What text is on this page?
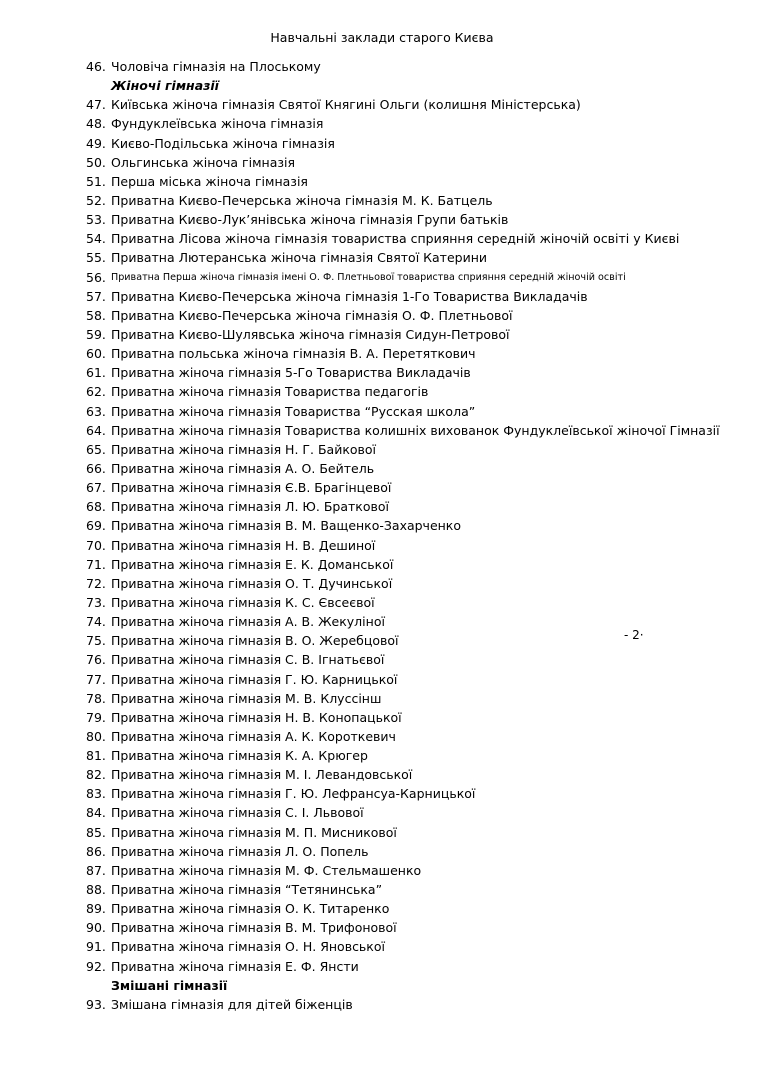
Навчальні заклади старого Києва
46. Чоловіча гімназія на Плоському
Жіночі гімназії
47. Київська жіноча гімназія Святої Княгині Ольги (колишня Міністерська)
48. Фундуклеївська жіноча гімназія
49. Києво-Подільська жіноча гімназія
50. Ольгинська жіноча гімназія
51. Перша міська жіноча гімназія
52. Приватна Києво-Печерська жіноча гімназія М. К. Батцель
53. Приватна Києво-Лук’янівська жіноча гімназія Групи батьків
54. Приватна Лісова жіноча гімназія товариства сприяння середній жіночій освіті у Києві
55. Приватна Лютеранська жіноча гімназія Святої Катерини
56. Приватна Перша жіноча гімназія імені О. Ф. Плетньової товариства сприяння середній жіночій освіті
57. Приватна Києво-Печерська жіноча гімназія 1-Го Товариства Викладачів
58. Приватна Києво-Печерська жіноча гімназія О. Ф. Плетньової
59. Приватна Києво-Шулявська жіноча гімназія Сидун-Петрової
60. Приватна польська жіноча гімназія В. А. Перетяткович
61. Приватна жіноча гімназія 5-Го Товариства Викладачів
62. Приватна жіноча гімназія Товариства педагогів
63. Приватна жіноча гімназія Товариства “Русская школа”
64. Приватна жіноча гімназія Товариства колишніх вихованок Фундуклеївської жіночої Гімназії
65. Приватна жіноча гімназія Н. Г. Байкової
66. Приватна жіноча гімназія А. О. Бейтель
67. Приватна жіноча гімназія Є.В. Брагінцевої
68. Приватна жіноча гімназія Л. Ю. Браткової
69. Приватна жіноча гімназія В. М. Ващенко-Захарченко
70. Приватна жіноча гімназія Н. В. Дешиної
71. Приватна жіноча гімназія Е. К. Доманської
72. Приватна жіноча гімназія О. Т. Дучинської
73. Приватна жіноча гімназія К. С. Євсеєвої
74. Приватна жіноча гімназія А. В. Жекуліної
75. Приватна жіноча гімназія В. О. Жеребцової
76. Приватна жіноча гімназія С. В. Ігнатьєвої
77. Приватна жіноча гімназія Г. Ю. Карницької
78. Приватна жіноча гімназія М. В. Клуссінш
79. Приватна жіноча гімназія Н. В. Конопацької
80. Приватна жіноча гімназія А. К. Короткевич
81. Приватна жіноча гімназія К. А. Крюгер
82. Приватна жіноча гімназія М. І. Левандовської
83. Приватна жіноча гімназія Г. Ю. Лефрансуа-Карницької
84. Приватна жіноча гімназія С. І. Львової
85. Приватна жіноча гімназія М. П. Мисникової
86. Приватна жіноча гімназія Л. О. Попель
87. Приватна жіноча гімназія М. Ф. Стельмашенко
88. Приватна жіноча гімназія “Тетянинська”
89. Приватна жіноча гімназія О. К. Титаренко
90. Приватна жіноча гімназія В. М. Трифонової
91. Приватна жіноча гімназія О. Н. Яновської
92. Приватна жіноча гімназія Е. Ф. Янсти
Змішані гімназії
93. Змішана гімназія для дітей біженців
- 2·
